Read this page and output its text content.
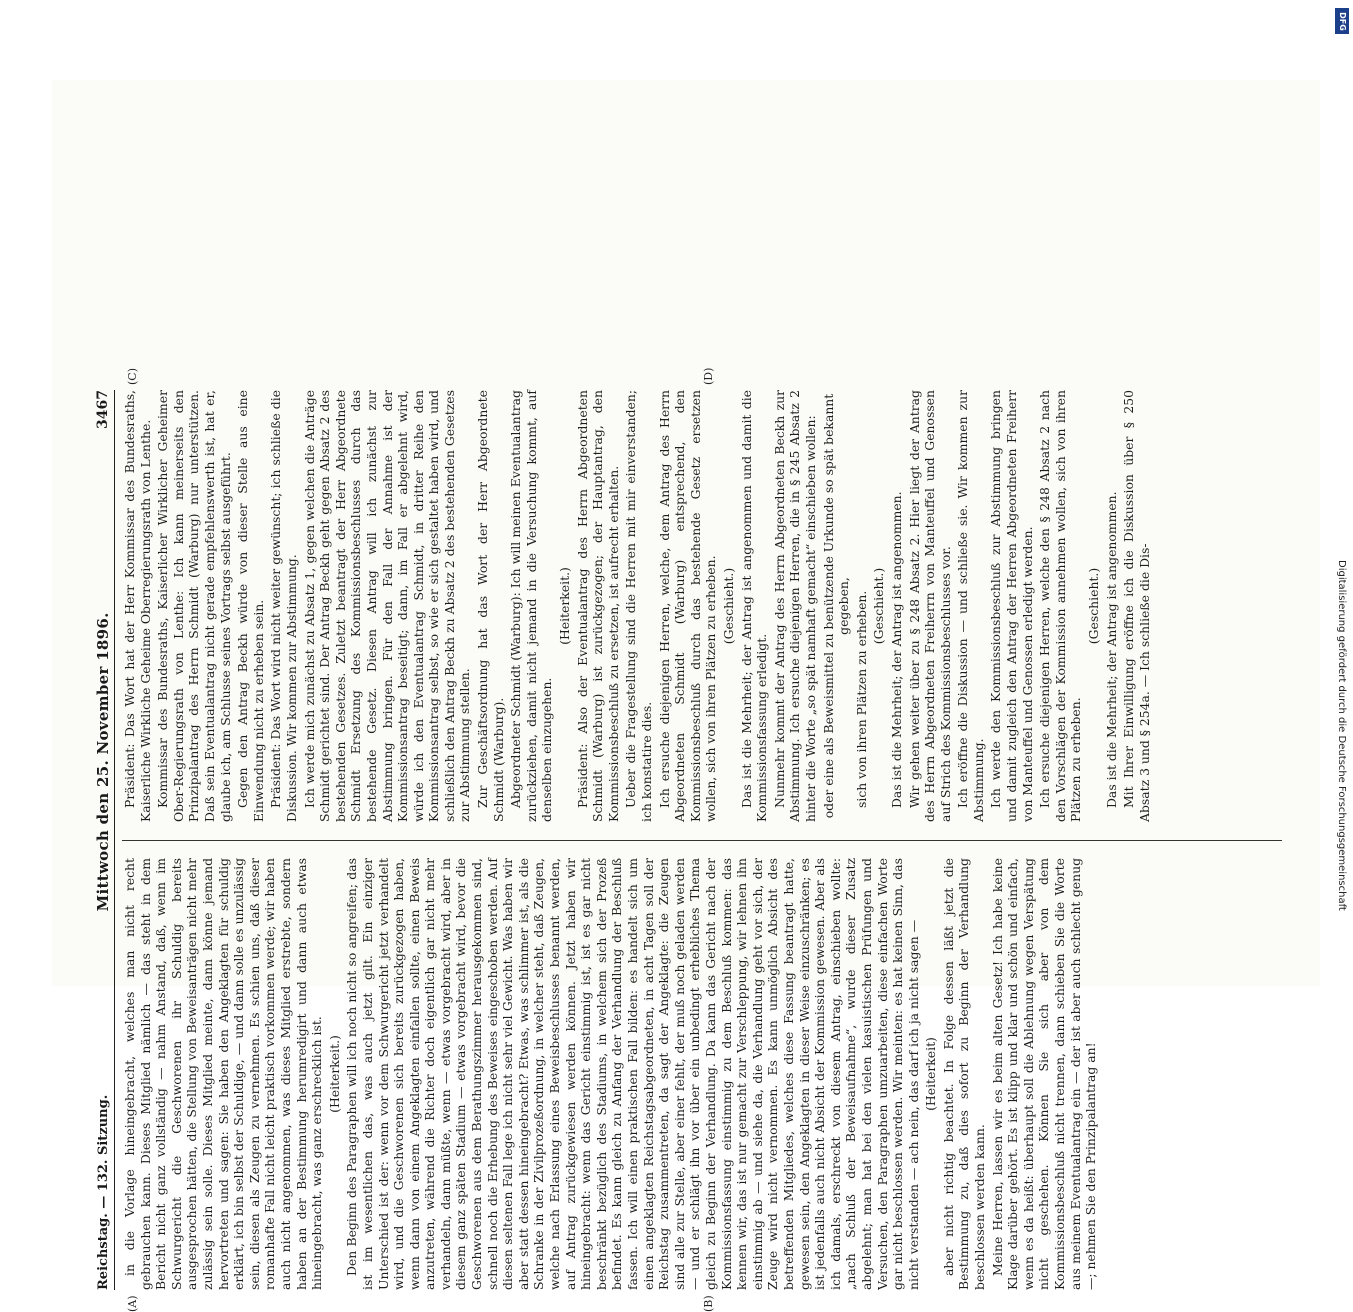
Reichstag. — 132. Sitzung.
Mittwoch den 25. November 1896.
3467

in die Vorlage hineingebracht, welches man nicht recht gebrauchen kann. Dieses Mitglied nämlich — das steht in dem Bericht nicht ganz vollständig — nahm Anstand, daß, wenn im Schwurgericht die Geschworenen ihr Schuldig bereits ausgesprochen hätten, die Stellung von Beweisanträgen nicht mehr zulässig sein solle. Dieses Mitglied meinte, dann könne jemand hervortreten und sagen: Sie haben den Angeklagten für schuldig erklärt, ich bin selbst der Schuldige, — und dann solle es unzulässig sein, diesen als Zeugen zu vernehmen. Es schien uns, daß dieser romanhafte Fall nicht leicht praktisch vorkommen werde; wir haben auch nicht angenommen, was dieses Mitglied erstrebte, sondern haben an der Bestimmung herumredigirt und dann auch etwas hineingebracht, was ganz erschrecklich ist. (Heiterkeit.) Den Beginn des Paragraphen will ich noch nicht so angreifen; das ist im wesentlichen das, was auch jetzt gilt. Ein einziger Unterschied ist der: wenn vor dem Schwurgericht jetzt verhandelt wird, und die Geschworenen sich bereits zurückgezogen haben, wenn dann von einem Angeklagten einfallen sollte, einen Beweis anzutreten, während die Richter doch eigentlich gar nicht mehr verhandeln, dann müßte, wenn — etwas vorgebracht wird, aber in diesem ganz späten Stadium — etwas vorgebracht wird, bevor die Geschworenen aus dem Berathungszimmer herausgekommen sind, schnell noch die Erhebung des Beweises eingeschoben werden. Auf diesen seltenen Fall lege ich nicht sehr viel Gewicht. Was haben wir aber statt dessen hineingebracht? Etwas, was schlimmer ist, als die Schranke in der Zivilprozeßordnung, in welcher steht, daß Zeugen, welche nach Erlassung eines Beweisbeschlusses benannt werden, auf Antrag zurückgewiesen werden können. Jetzt haben wir hineingebracht: wenn das Gericht einstimmig ist, ist es gar nicht beschränkt bezüglich des Stadiums, in welchem sich der Prozeß befindet. Es kann gleich zu Anfang der Verhandlung der Beschluß fassen. Ich will einen praktischen Fall bilden: es handelt sich um einen angeklagten Reichstagsabgeordneten, in acht Tagen soll der Reichstag zusammentreten, da sagt der Angeklagte: die Zeugen sind alle zur Stelle, aber einer fehlt, der muß noch geladen werden — und er schlägt ihn vor über ein unbedingt erhebliches Thema gleich zu Beginn der Verhandlung. Da kann das Gericht nach der Kommissionsfassung einstimmig zu dem Beschluß kommen: das kennen wir, das ist nur gemacht zur Verschleppung, wir lehnen ihn einstimmig ab — und siehe da, die Verhandlung geht vor sich, der Zeuge wird nicht vernommen. Es kann unmöglich Absicht des betreffenden Mitgliedes, welches diese Fassung beantragt hatte, gewesen sein, den Angeklagten in dieser Weise einzuschränken; es ist jedenfalls auch nicht Absicht der Kommission gewesen. Aber als ich damals, erschreckt von diesem Antrag, einschieben wollte: „nach Schluß der Beweisaufnahme“, wurde dieser Zusatz abgelehnt; man hat bei den vielen kasuistischen Prüfungen und Versuchen, den Paragraphen umzuarbeiten, diese einfachen Worte gar nicht beschlossen werden. Wir meinten: es hat keinen Sinn, das nicht verstanden — ach nein, das darf ich ja nicht sagen — (Heiterkeit) aber nicht richtig beachtet. In Folge dessen läßt jetzt die Bestimmung zu, daß dies sofort zu Beginn der Verhandlung beschlossen werden kann. Meine Herren, lassen wir es beim alten Gesetz! Ich habe keine Klage darüber gehört. Es ist klipp und klar und schön und einfach, wenn es da heißt: überhaupt soll die Ablehnung wegen Verspätung nicht geschehen. Können Sie sich aber von dem Kommissionsbeschluß nicht trennen, dann schieben Sie die Worte aus meinem Eventualantrag ein — der ist aber auch schlecht genug —; nehmen Sie den Prinzipalantrag an!

Präsident: Das Wort hat der Herr Kommissar des Bundesraths, Kaiserliche Wirkliche Geheime Oberregierungsrath von Lenthe. Kommissar des Bundesraths, Kaiserlicher Wirklicher Geheimer Ober-Regierungsrath von Lenthe: Ich kann meinerseits den Prinzipalantrag des Herrn Schmidt (Warburg) nur unterstützen. Daß sein Eventualantrag nicht gerade empfehlenswerth ist, hat er, glaube ich, am Schlusse seines Vortrags selbst ausgeführt. Gegen den Antrag Beckh würde von dieser Stelle aus eine Einwendung nicht zu erheben sein. Präsident: Das Wort wird nicht weiter gewünscht; ich schließe die Diskussion. Wir kommen zur Abstimmung. Ich werde mich zunächst zu Absatz 1, gegen welchen die Anträge Schmidt gerichtet sind. Der Antrag Beckh geht gegen Absatz 2 des bestehenden Gesetzes. Zuletzt beantragt der Herr Abgeordnete Schmidt Ersetzung des Kommissionsbeschlusses durch das bestehende Gesetz. Diesen Antrag will ich zunächst zur Abstimmung bringen. Für den Fall der Annahme ist der Kommissionsantrag beseitigt; dann, im Fall er abgelehnt wird, würde ich den Eventualantrag Schmidt, in dritter Reihe den Kommissionsantrag selbst, so wie er sich gestaltet haben wird, und schließlich den Antrag Beckh zu Absatz 2 des bestehenden Gesetzes zur Abstimmung stellen. Zur Geschäftsordnung hat das Wort der Herr Abgeordnete Schmidt (Warburg). Abgeordneter Schmidt (Warburg): Ich will meinen Eventualantrag zurückziehen, damit nicht jemand in die Versuchung kommt, auf denselben einzugehen.

(Heiterkeit.) Präsident: Also der Eventualantrag des Herrn Abgeordneten Schmidt (Warburg) ist zurückgezogen; der Hauptantrag, den Kommissionsbeschluß zu ersetzen, ist aufrecht erhalten. Ueber die Fragestellung sind die Herren mit mir einverstanden; ich konstatire dies. Ich ersuche diejenigen Herren, welche, dem Antrag des Herrn Abgeordneten Schmidt (Warburg) entsprechend, den Kommissionsbeschluß durch das bestehende Gesetz ersetzen wollen, sich von ihren Plätzen zu erheben. (Geschieht.) Das ist die Mehrheit; der Antrag ist angenommen und damit die Kommissionsfassung erledigt. Nunmehr kommt der Antrag des Herrn Abgeordneten Beckh zur Abstimmung. Ich ersuche diejenigen Herren, die in § 245 Absatz 2 hinter die Worte „so spät namhaft gemacht“ einschieben wollen: oder eine als Beweismittel zu benützende Urkunde so spät bekannt gegeben, sich von ihren Plätzen zu erheben. (Geschieht.) Das ist die Mehrheit; der Antrag ist angenommen. Wir gehen weiter über zu § 248 Absatz 2. Hier liegt der Antrag des Herrn Abgeordneten Freiherrn von Manteuffel und Genossen auf Strich des Kommissionsbeschlusses vor. Ich eröffne die Diskussion — und schließe sie. Wir kommen zur Abstimmung. Ich werde den Kommissionsbeschluß zur Abstimmung bringen und damit zugleich den Antrag der Herren Abgeordneten Freiherr von Manteuffel und Genossen erledigt werden. Ich ersuche diejenigen Herren, welche den § 248 Absatz 2 nach den Vorschlägen der Kommission annehmen wollen, sich von ihren Plätzen zu erheben.

(Geschieht.) Das ist die Mehrheit; der Antrag ist angenommen. Mit Ihrer Einwilligung eröffne ich die Diskussion über § 250 Absatz 3 und § 254a. — Ich schließe die Dis-

(A)	(B)
(C)	(D)
DFG
Digitalisierung gefördert durch die Deutsche Forschungsgemeinschaft
